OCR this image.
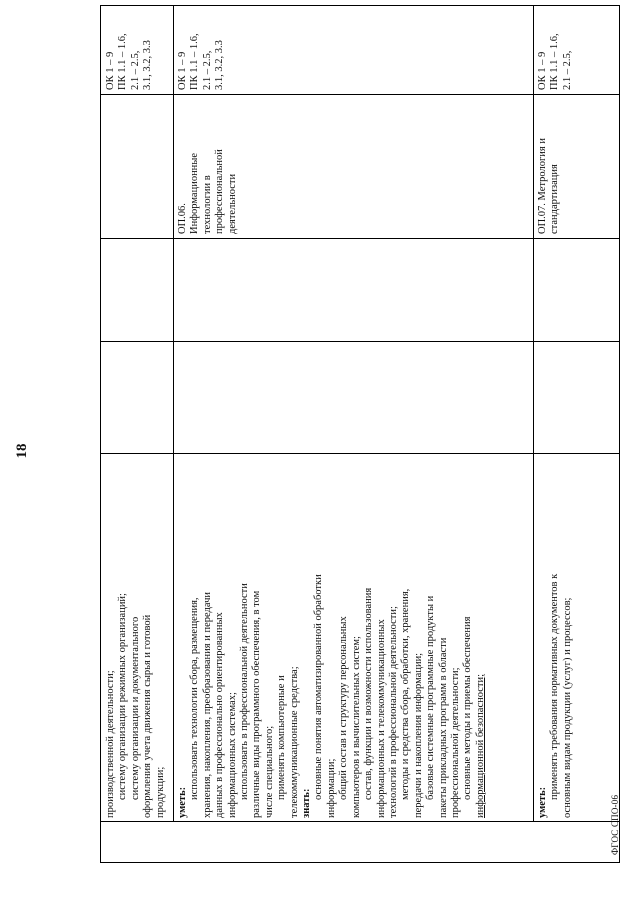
18

производственной деятельности; систему организации режимных организаций; систему организации и документального оформления учета движения сырья и готовой продукции;

ОК 1 – 9 ПК 1.1 – 1.6, 2.1 – 2.5, 3.1, 3.2, 3.3

уметь:

использовать технологии сбора, размещения, хранения, накопления, преобразования и передачи данных в профессионально ориентированных информационных системах; использовать в профессиональной деятельности различные виды программного обеспечения, в том числе специального; применять компьютерные и телекоммуникационные средства; знать:

основные понятия автоматизированной обработки информации; общий состав и структуру персональных компьютеров и вычислительных систем; состав, функции и возможности использования информационных и телекоммуникационных технологий в профессиональной деятельности; методы и средства сбора, обработки, хранения, передачи и накопления информации; базовые системные программные продукты и пакеты прикладных программ в области профессиональной деятельности; основные методы и приемы обеспечения информационной безопасности;

ОП.06. Информационные технологии в профессиональной деятельности

ОК 1 – 9 ПК 1.1 – 1.6, 2.1 – 2.5, 3.1, 3.2, 3.3

уметь:

применять требования нормативных документов к основным видам продукции (услуг) и процессов;

ОП.07. Метрология и стандартизация

ОК 1 – 9 ПК 1.1 – 1.6, 2.1 – 2.5,

ФГОС СПО-06
